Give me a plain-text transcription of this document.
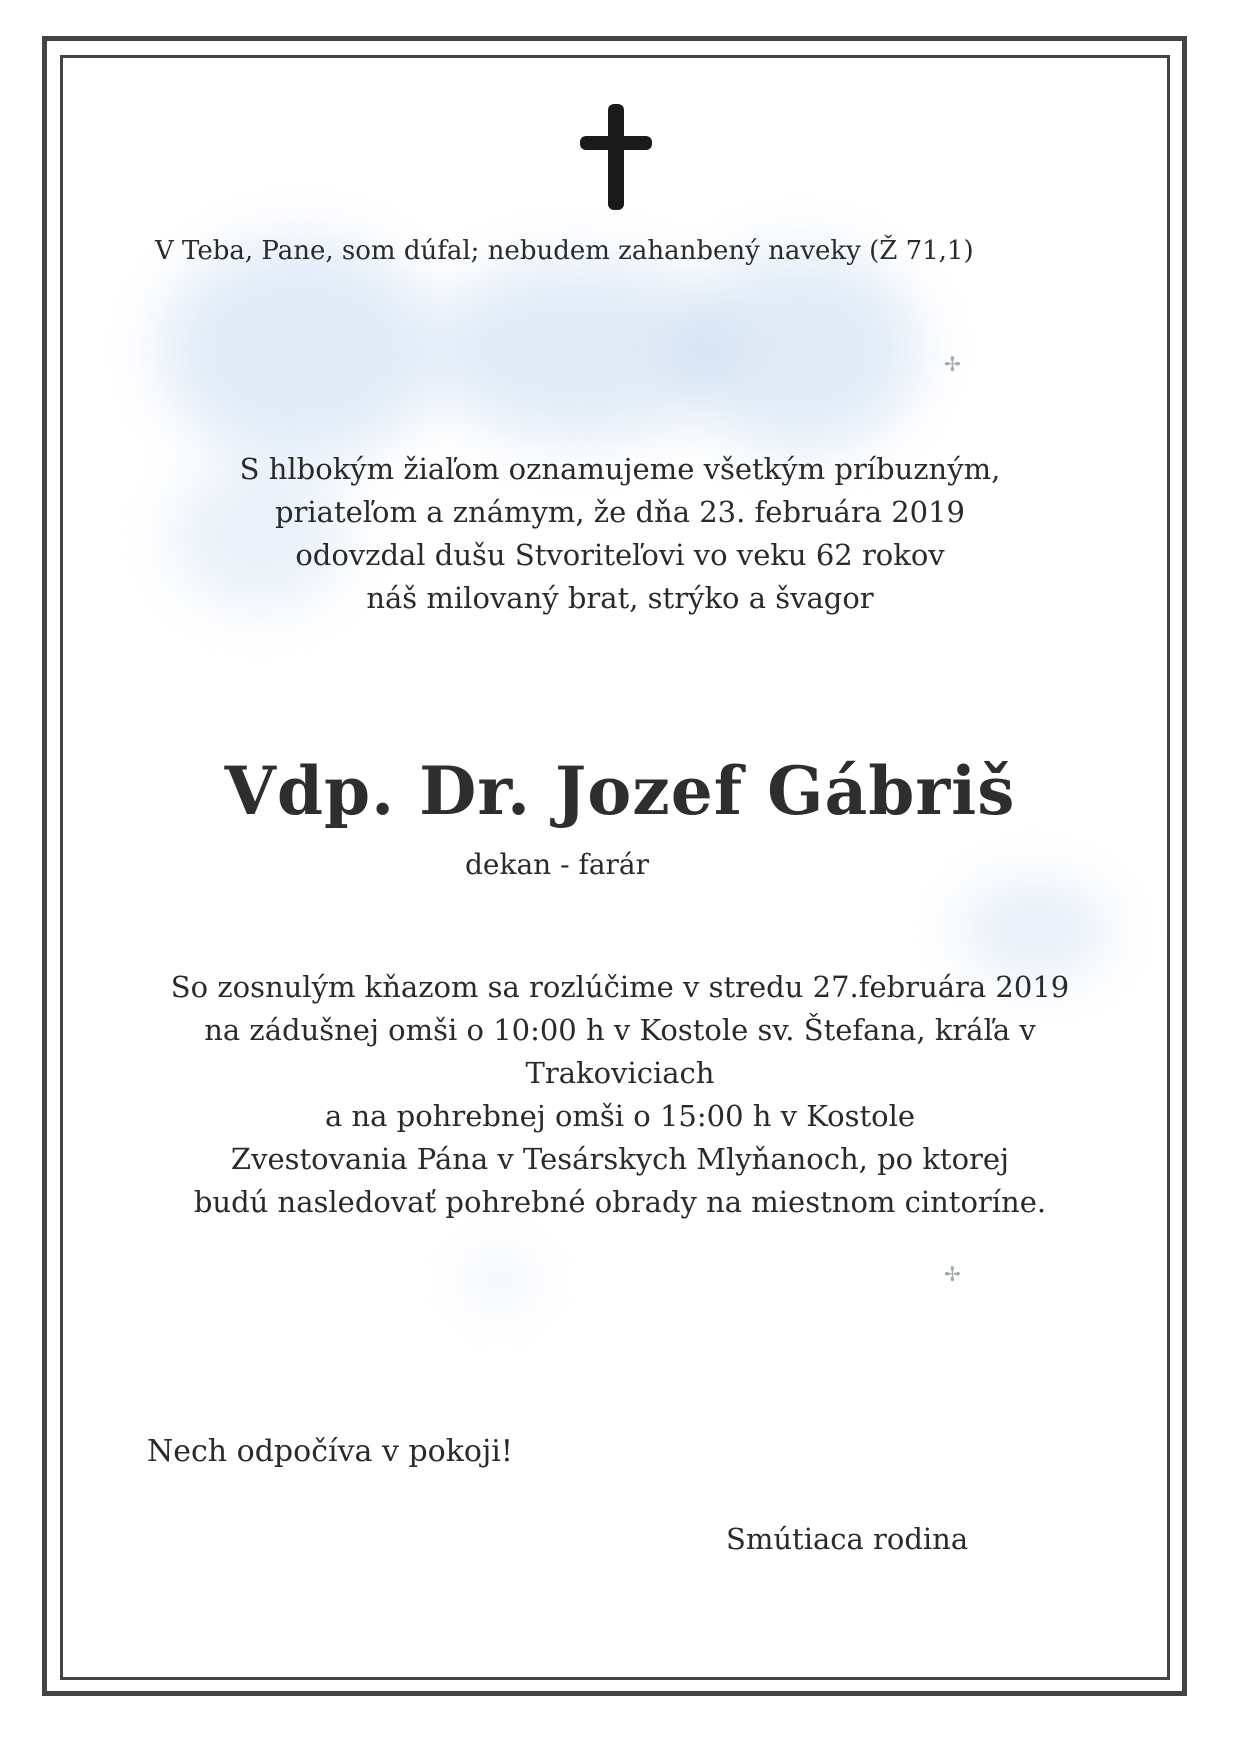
✢
✢
V Teba, Pane, som dúfal; nebudem zahanbený naveky (Ž 71,1)
S hlbokým žiaľom oznamujeme všetkým príbuzným,
priateľom a známym, že dňa 23. februára 2019
odovzdal dušu Stvoriteľovi vo veku 62 rokov
náš milovaný brat, strýko a švagor
Vdp. Dr. Jozef Gábriš
dekan - farár
So zosnulým kňazom sa rozlúčime v stredu 27.februára 2019
na zádušnej omši o 10:00 h v Kostole sv. Štefana, kráľa v
Trakoviciach
a na pohrebnej omši o 15:00 h v Kostole
Zvestovania Pána v Tesárskych Mlyňanoch, po ktorej
budú nasledovať pohrebné obrady na miestnom cintoríne.
Nech odpočíva v pokoji!
Smútiaca rodina
